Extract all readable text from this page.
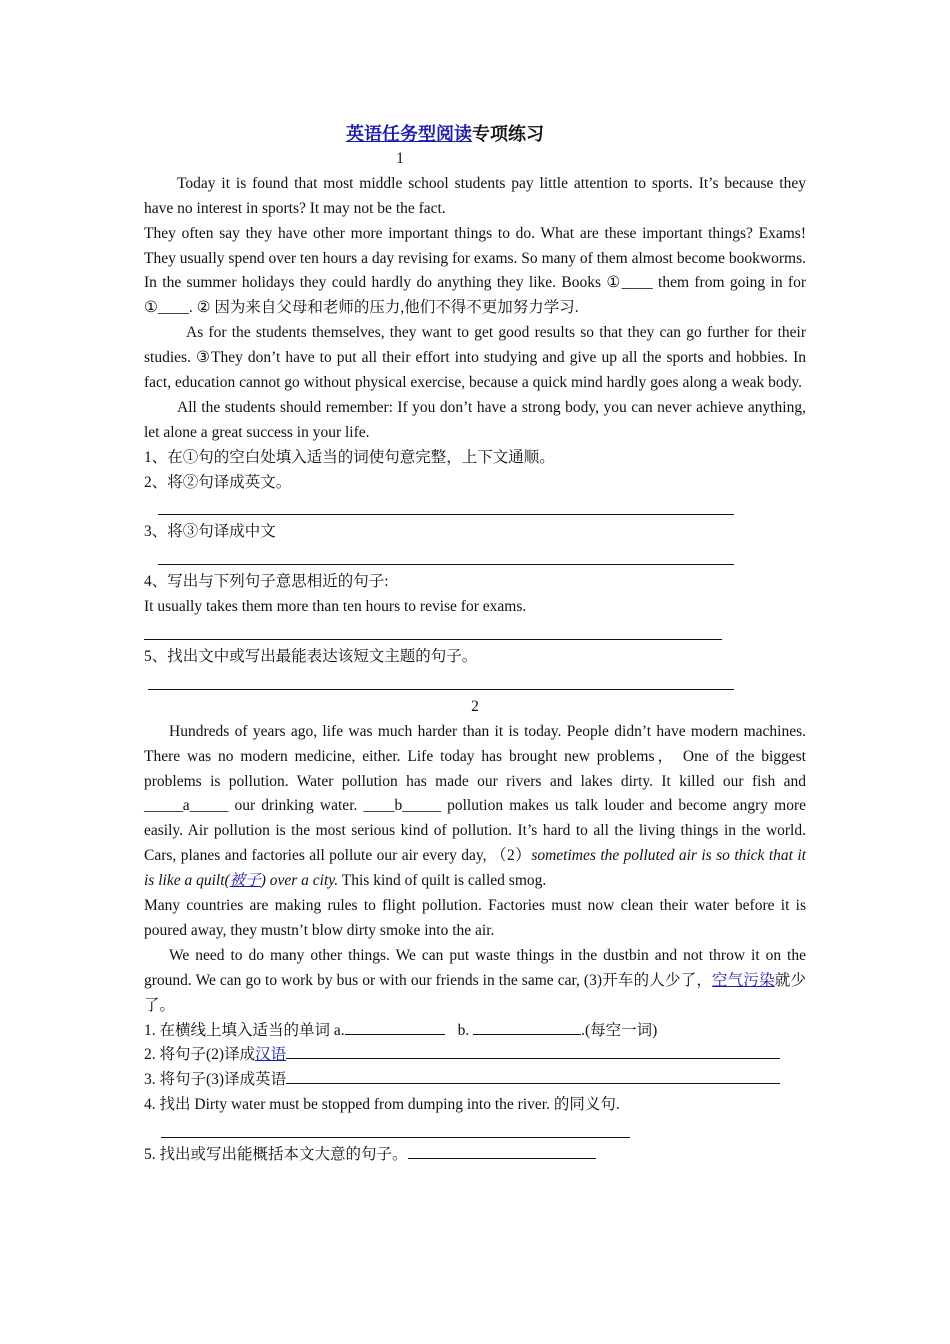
英语任务型阅读专项练习
1

Today it is found that most middle school students pay little attention to sports. It’s because they have no interest in sports? It may not be the fact.

They often say they have other more important things to do. What are these important things? Exams! They usually spend over ten hours a day revising for exams. So many of them almost become bookworms. In the summer holidays they could hardly do anything they like. Books ①____ them from going in for ①____. ② 因为来自父母和老师的压力,他们不得不更加努力学习.

As for the students themselves, they want to get good results so that they can go further for their studies. ③They don’t have to put all their effort into studying and give up all the sports and hobbies. In fact, education cannot go without physical exercise, because a quick mind hardly goes along a weak body.

All the students should remember: If you don’t have a strong body, you can never achieve anything, let alone a great success in your life.

1、在①句的空白处填入适当的词使句意完整，上下文通顺。

2、将②句译成英文。

3、将③句译成中文

4、写出与下列句子意思相近的句子:

It usually takes them more than ten hours to revise for exams.

5、找出文中或写出最能表达该短文主题的句子。

2

Hundreds of years ago, life was much harder than it is today. People didn’t have modern machines. There was no modern medicine, either. Life today has brought new problems， One of the biggest problems is pollution. Water pollution has made our rivers and lakes dirty. It killed our fish and _____a_____ our drinking water. ____b_____ pollution makes us talk louder and become angry more easily. Air pollution is the most serious kind of pollution. It’s hard to all the living things in the world. Cars, planes and factories all pollute our air every day, （2）sometimes the polluted air is so thick that it is like a quilt(被子) over a city. This kind of quilt is called smog.

Many countries are making rules to flight pollution. Factories must now clean their water before it is poured away, they mustn’t blow dirty smoke into the air.

We need to do many other things. We can put waste things in the dustbin and not throw it on the ground. We can go to work by bus or with our friends in the same car, (3)开车的人少了，空气污染就少了。

1. 在横线上填入适当的单词 a.	b.	.(每空一词)

2. 将句子(2)译成汉语

3. 将句子(3)译成英语

4. 找出 Dirty water must be stopped from dumping into the river. 的同义句.

5. 找出或写出能概括本文大意的句子。
